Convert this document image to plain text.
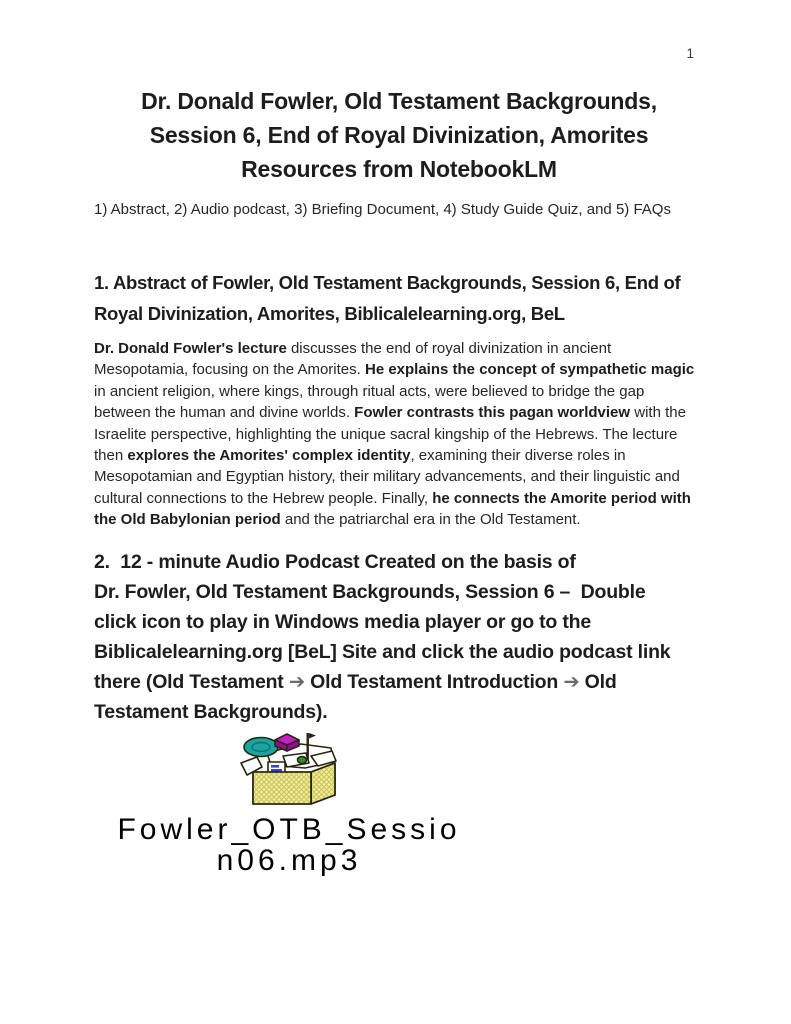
1
Dr. Donald Fowler, Old Testament Backgrounds,
Session 6, End of Royal Divinization, Amorites
Resources from NotebookLM

1) Abstract, 2) Audio podcast, 3) Briefing Document, 4) Study Guide Quiz, and 5) FAQs

1. Abstract of Fowler, Old Testament Backgrounds, Session 6, End of
Royal Divinization, Amorites, Biblicalelearning.org, BeL

Dr. Donald Fowler's lecture discusses the end of royal divinization in ancient Mesopotamia, focusing on the Amorites. He explains the concept of sympathetic magic in ancient religion, where kings, through ritual acts, were believed to bridge the gap between the human and divine worlds. Fowler contrasts this pagan worldview with the Israelite perspective, highlighting the unique sacral kingship of the Hebrews. The lecture then explores the Amorites' complex identity, examining their diverse roles in Mesopotamian and Egyptian history, their military advancements, and their linguistic and cultural connections to the Hebrew people. Finally, he connects the Amorite period with the Old Babylonian period and the patriarchal era in the Old Testament.

2.  12 - minute Audio Podcast Created on the basis of
Dr. Fowler, Old Testament Backgrounds, Session 6 –  Double
click icon to play in Windows media player or go to the
Biblicalelearning.org [BeL] Site and click the audio podcast link
there (Old Testament ➔ Old Testament Introduction ➔ Old
Testament Backgrounds).
Fowler_OTB_Sessio
n06.mp3
